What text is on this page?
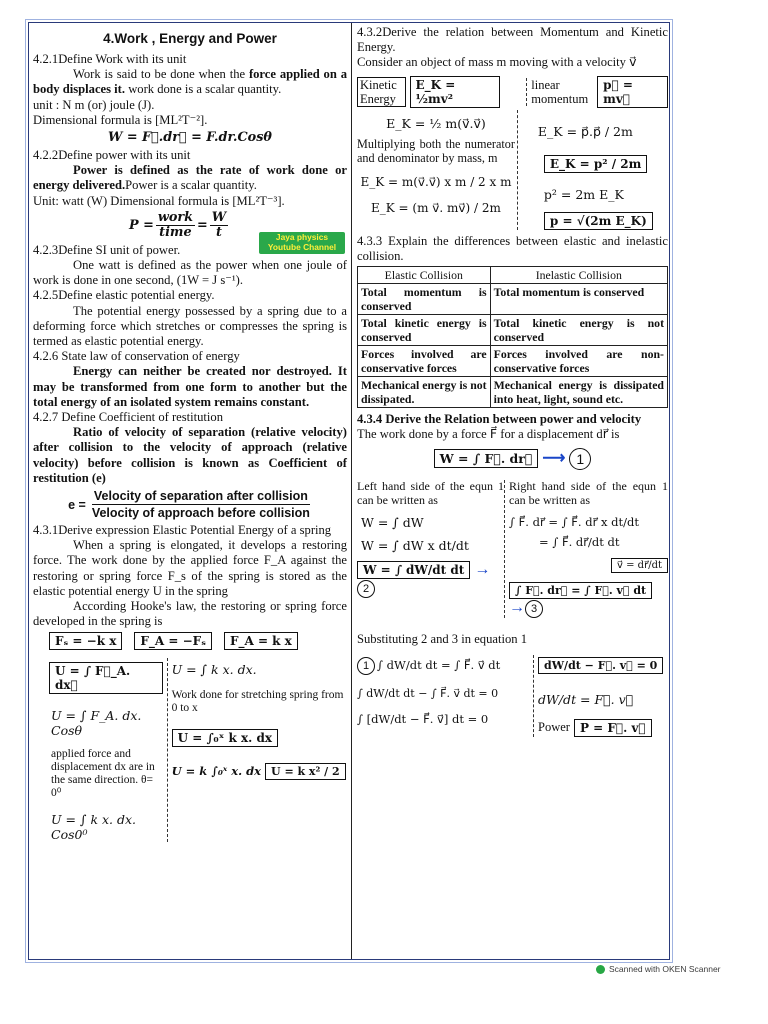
4.Work , Energy and Power

4.2.1Define Work with its unit

Work is said to be done when the force applied on a body displaces it. work done is a scalar quantity.

unit : N m (or) joule (J).

Dimensional formula is [ML²T⁻²].

W = F⃗.dr⃗ = F.dr.Cosθ

4.2.2Define power with its unit

Power is defined as the rate of work done or energy delivered.Power is a scalar quantity.

Unit: watt (W) Dimensional formula is [ML²T⁻³].

$P = \frac{\text{work}}{\text{time}} = \frac{W}{t}$

4.2.3Define SI unit of power.

One watt is defined as the power when one joule of work is done in one second, (1W = J s⁻¹).

4.2.5Define elastic potential energy.

The potential energy possessed by a spring due to a deforming force which stretches or compresses the spring is termed as elastic potential energy.

4.2.6 State law of conservation of energy

Energy can neither be created nor destroyed. It may be transformed from one form to another but the total energy of an isolated system remains constant.

4.2.7 Define Coefficient of restitution

Ratio of velocity of separation (relative velocity) after collision to the velocity of approach (relative velocity) before collision is known as Coefficient of restitution (e)

$e = \frac{\text{Velocity of separation after collision}}{\text{Velocity of approach before collision}}$

4.3.1Derive expression Elastic Potential Energy of a spring

When a spring is elongated, it develops a restoring force. The work done by the applied force F_A against the restoring or spring force F_s of the spring is stored as the elastic potential energy U in the spring

According Hooke's law, the restoring or spring force developed in the spring is

Fₛ = −k x	F_A = −Fₛ	F_A = k x
U = ∫ F⃗_A. dx⃗
U = ∫ F_A. dx. Cosθ

applied force and displacement dx are in the same direction. θ= 0⁰

U = ∫ k x. dx. Cos0⁰
U = ∫ k x. dx.

Work done for stretching spring from 0 to x

U = ∫₀ˣ k x. dx
U = k ∫₀ˣ x. dx U = k x² / 2
Jaya physics Youtube Channel

4.3.2Derive the relation between Momentum and Kinetic Energy.

Consider an object of mass m moving with a velocity v⃗

Kinetic Energy
E_K = ½mv²
linear momentum
p⃗ = mv⃗
E_K = ½ m(v⃗.v⃗)

Multiplying both the numerator and denominator by mass, m

E_K = m(v⃗.v⃗) x m / 2 x m
E_K = (m v⃗. mv⃗) / 2m
E_K = p⃗.p⃗ / 2m
E_K = p² / 2m
p² = 2m E_K
p = √(2m E_K)

4.3.3 Explain the differences between elastic and inelastic collision.

Elastic Collision	Inelastic Collision
Total momentum is conserved	Total momentum is conserved
Total kinetic energy is conserved	Total kinetic energy is not conserved
Forces involved are conservative forces	Forces involved are non-conservative forces
Mechanical energy is not dissipated.	Mechanical energy is dissipated into heat, light, sound etc.

4.3.4 Derive the Relation between power and velocity

The work done by a force F⃗ for a displacement dr⃗ is

W = ∫ F⃗. dr⃗ ⟶ 1

Left hand side of the equn 1 can be written as

W = ∫ dW
W = ∫ dW x dt/dt
W = ∫ dW/dt dt →2

Right hand side of the equn 1 can be written as

∫ F⃗. dr⃗ = ∫ F⃗. dr⃗ x dt/dt
= ∫ F⃗. dr⃗/dt dt
v⃗ = dr⃗/dt
∫ F⃗. dr⃗ = ∫ F⃗. v⃗ dt → 3

Substituting 2 and 3 in equation 1

1 ∫ dW/dt dt = ∫ F⃗. v⃗ dt
∫ dW/dt dt − ∫ F⃗. v⃗ dt = 0
∫ [dW/dt − F⃗. v⃗] dt = 0
dW/dt − F⃗. v⃗ = 0
dW/dt = F⃗. v⃗
Power P = F⃗. v⃗
Scanned with OKEN Scanner
